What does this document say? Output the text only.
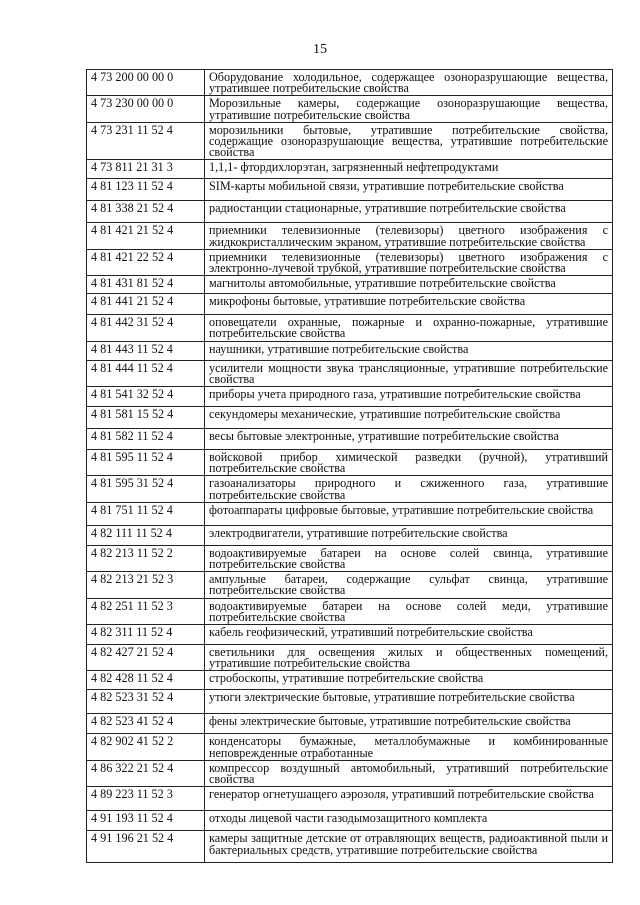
15
4 73 200 00 00 0	Оборудование холодильное, содержащее озоноразрушающие вещества, утратившее потребительские свойства
4 73 230 00 00 0	Морозильные камеры, содержащие озоноразрушающие вещества, утратившие потребительские свойства
4 73 231 11 52 4	морозильники бытовые, утратившие потребительские свойства, содержащие озоноразрушающие вещества, утратившие потребительские свойства
4 73 811 21 31 3	1,1,1- фтордихлорэтан, загрязненный нефтепродуктами
4 81 123 11 52 4	SIM-карты мобильной связи, утратившие потребительские свойства
4 81 338 21 52 4	радиостанции стационарные, утратившие потребительские свойства
4 81 421 21 52 4	приемники телевизионные (телевизоры) цветного изображения с жидкокристаллическим экраном, утратившие потребительские свойства
4 81 421 22 52 4	приемники телевизионные (телевизоры) цветного изображения с электронно-лучевой трубкой, утратившие потребительские свойства
4 81 431 81 52 4	магнитолы автомобильные, утратившие потребительские свойства
4 81 441 21 52 4	микрофоны бытовые, утратившие потребительские свойства
4 81 442 31 52 4	оповещатели охранные, пожарные и охранно-пожарные, утратившие потребительские свойства
4 81 443 11 52 4	наушники, утратившие потребительские свойства
4 81 444 11 52 4	усилители мощности звука трансляционные, утратившие потребительские свойства
4 81 541 32 52 4	приборы учета природного газа, утратившие потребительские свойства
4 81 581 15 52 4	секундомеры механические, утратившие потребительские свойства
4 81 582 11 52 4	весы бытовые электронные, утратившие потребительские свойства
4 81 595 11 52 4	войсковой прибор химической разведки (ручной), утративший потребительские свойства
4 81 595 31 52 4	газоанализаторы природного и сжиженного газа, утратившие потребительские свойства
4 81 751 11 52 4	фотоаппараты цифровые бытовые, утратившие потребительские свойства
4 82 111 11 52 4	электродвигатели, утратившие потребительские свойства
4 82 213 11 52 2	водоактивируемые батареи на основе солей свинца, утратившие потребительские свойства
4 82 213 21 52 3	ампульные батареи, содержащие сульфат свинца, утратившие потребительские свойства
4 82 251 11 52 3	водоактивируемые батареи на основе солей меди, утратившие потребительские свойства
4 82 311 11 52 4	кабель геофизический, утративший потребительские свойства
4 82 427 21 52 4	светильники для освещения жилых и общественных помещений, утратившие потребительские свойства
4 82 428 11 52 4	стробоскопы, утратившие потребительские свойства
4 82 523 31 52 4	утюги электрические бытовые, утратившие потребительские свойства
4 82 523 41 52 4	фены электрические бытовые, утратившие потребительские свойства
4 82 902 41 52 2	конденсаторы бумажные, металлобумажные и комбинированные неповрежденные отработанные
4 86 322 21 52 4	компрессор воздушный автомобильный, утративший потребительские свойства
4 89 223 11 52 3	генератор огнетушащего аэрозоля, утративший потребительские свойства
4 91 193 11 52 4	отходы лицевой части газодымозащитного комплекта
4 91 196 21 52 4	камеры защитные детские от отравляющих веществ, радиоактивной пыли и бактериальных средств, утратившие потребительские свойства
